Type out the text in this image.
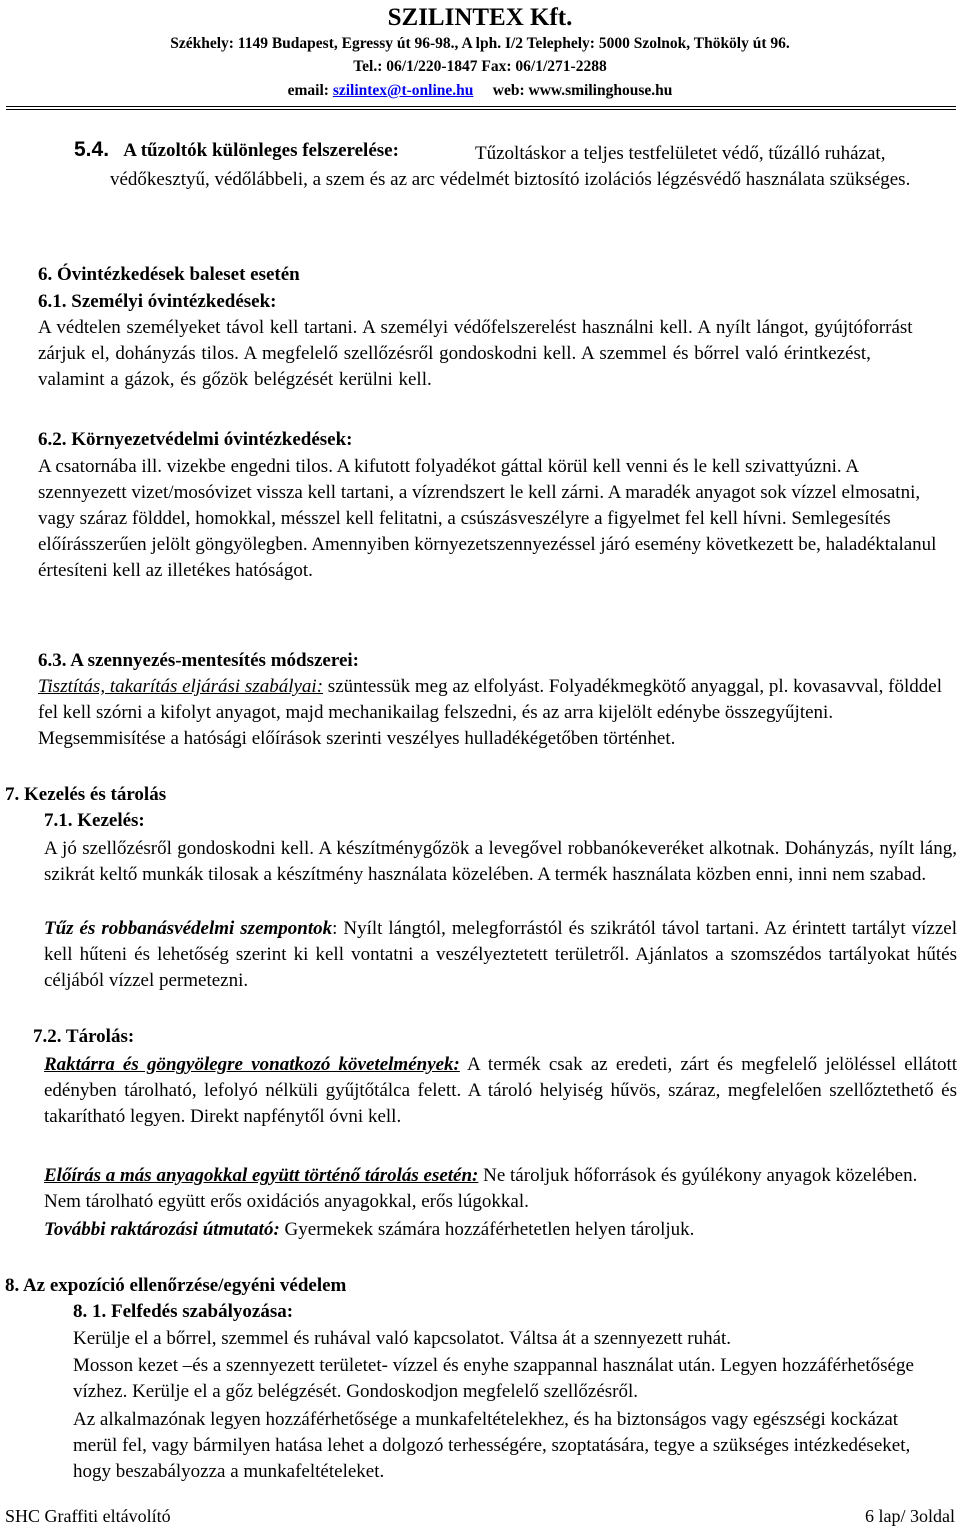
SZILINTEX Kft.
Székhely: 1149 Budapest, Egressy út 96-98., A lph. I/2 Telephely: 5000 Szolnok, Thököly út 96.
Tel.: 06/1/220-1847 Fax: 06/1/271-2288
email: szilintex@t-online.hu web: www.smilinghouse.hu
5.4. A tűzoltók különleges felszerelése:	Tűzoltáskor a teljes testfelületet védő, tűzálló ruházat, védőkesztyű, védőlábbeli, a szem és az arc védelmét biztosító izolációs légzésvédő használata szükséges.
6. Óvintézkedések baleset esetén
6.1. Személyi óvintézkedések:
A védtelen személyeket távol kell tartani. A személyi védőfelszerelést használni kell. A nyílt lángot, gyújtóforrást zárjuk el, dohányzás tilos. A megfelelő szellőzésről gondoskodni kell. A szemmel és bőrrel való érintkezést, valamint a gázok, és gőzök belégzését kerülni kell.
6.2. Környezetvédelmi óvintézkedések:
A csatornába ill. vizekbe engedni tilos. A kifutott folyadékot gáttal körül kell venni és le kell szivattyúzni. A szennyezett vizet/mosóvizet vissza kell tartani, a vízrendszert le kell zárni. A maradék anyagot sok vízzel elmosatni, vagy száraz földdel, homokkal, mésszel kell felitatni, a csúszásveszélyre a figyelmet fel kell hívni. Semlegesítés előírásszerűen jelölt göngyölegben. Amennyiben környezetszennyezéssel járó esemény következett be, haladéktalanul értesíteni kell az illetékes hatóságot.
6.3. A szennyezés-mentesítés módszerei:

Tisztítás, takarítás eljárási szabályai: szüntessük meg az elfolyást. Folyadékmegkötő anyaggal, pl. kovasavval, földdel fel kell szórni a kifolyt anyagot, majd mechanikailag felszedni, és az arra kijelölt edénybe összegyűjteni. Megsemmisítése a hatósági előírások szerinti veszélyes hulladékégetőben történhet.

7. Kezelés és tárolás
7.1. Kezelés:
A jó szellőzésről gondoskodni kell. A készítménygőzök a levegővel robbanókeveréket alkotnak. Dohányzás, nyílt láng, szikrát keltő munkák tilosak a készítmény használata közelében. A termék használata közben enni, inni nem szabad.

Tűz és robbanásvédelmi szempontok: Nyílt lángtól, melegforrástól és szikrától távol tartani. Az érintett tartályt vízzel kell hűteni és lehetőség szerint ki kell vontatni a veszélyeztetett területről. Ajánlatos a szomszédos tartályokat hűtés céljából vízzel permetezni.

7.2. Tárolás:

Raktárra és göngyölegre vonatkozó követelmények: A termék csak az eredeti, zárt és megfelelő jelöléssel ellátott edényben tárolható, lefolyó nélküli gyűjtőtálca felett. A tároló helyiség hűvös, száraz, megfelelően szellőztethető és takarítható legyen. Direkt napfénytől óvni kell.

Előírás a más anyagokkal együtt történő tárolás esetén: Ne tároljuk hőforrások és gyúlékony anyagok közelében. Nem tárolható együtt erős oxidációs anyagokkal, erős lúgokkal.

További raktározási útmutató: Gyermekek számára hozzáférhetetlen helyen tároljuk.

8. Az expozíció ellenőrzése/egyéni védelem
8. 1. Felfedés szabályozása:
Kerülje el a bőrrel, szemmel és ruhával való kapcsolatot. Váltsa át a szennyezett ruhát.
Mosson kezet –és a szennyezett területet- vízzel és enyhe szappannal használat után. Legyen hozzáférhetősége vízhez. Kerülje el a gőz belégzését. Gondoskodjon megfelelő szellőzésről.
Az alkalmazónak legyen hozzáférhetősége a munkafeltételekhez, és ha biztonságos vagy egészségi kockázat merül fel, vagy bármilyen hatása lehet a dolgozó terhességére, szoptatására, tegye a szükséges intézkedéseket, hogy beszabályozza a munkafeltételeket.
SHC Graffiti eltávolító	6 lap/ 3oldal
